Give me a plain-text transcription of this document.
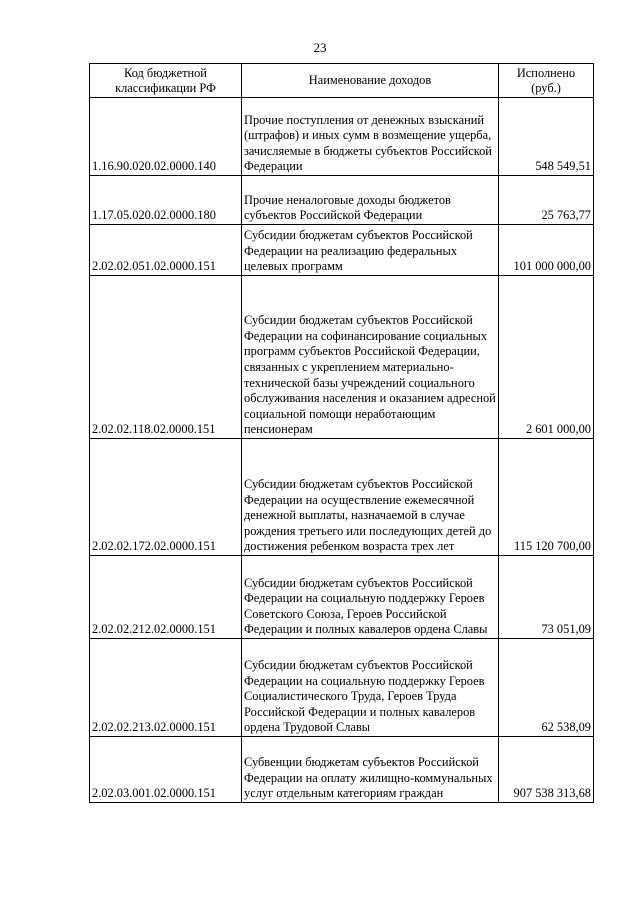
23
Код бюджетной классификации РФ	Наименование доходов	Исполнено (руб.)
1.16.90.020.02.0000.140	Прочие поступления от денежных взысканий (штрафов) и иных сумм в возмещение ущерба, зачисляемые в бюджеты субъектов Российской Федерации	548 549,51
1.17.05.020.02.0000.180	Прочие неналоговые доходы бюджетов субъектов Российской Федерации	25 763,77
2.02.02.051.02.0000.151	Субсидии бюджетам субъектов Российской Федерации на реализацию федеральных целевых программ	101 000 000,00
2.02.02.118.02.0000.151	Субсидии бюджетам субъектов Российской Федерации на софинансирование социальных программ субъектов Российской Федерации, связанных с укреплением материально-технической базы учреждений социального обслуживания населения и оказанием адресной социальной помощи неработающим пенсионерам	2 601 000,00
2.02.02.172.02.0000.151	Субсидии бюджетам субъектов Российской Федерации на осуществление ежемесячной денежной выплаты, назначаемой в случае рождения третьего или последующих детей до достижения ребенком возраста трех лет	115 120 700,00
2.02.02.212.02.0000.151	Субсидии бюджетам субъектов Российской Федерации на социальную поддержку Героев Советского Союза, Героев Российской Федерации и полных кавалеров ордена Славы	73 051,09
2.02.02.213.02.0000.151	Субсидии бюджетам субъектов Российской Федерации на социальную поддержку Героев Социалистического Труда, Героев Труда Российской Федерации и полных кавалеров ордена Трудовой Славы	62 538,09
2.02.03.001.02.0000.151	Субвенции бюджетам субъектов Российской Федерации на оплату жилищно-коммунальных услуг отдельным категориям граждан	907 538 313,68
